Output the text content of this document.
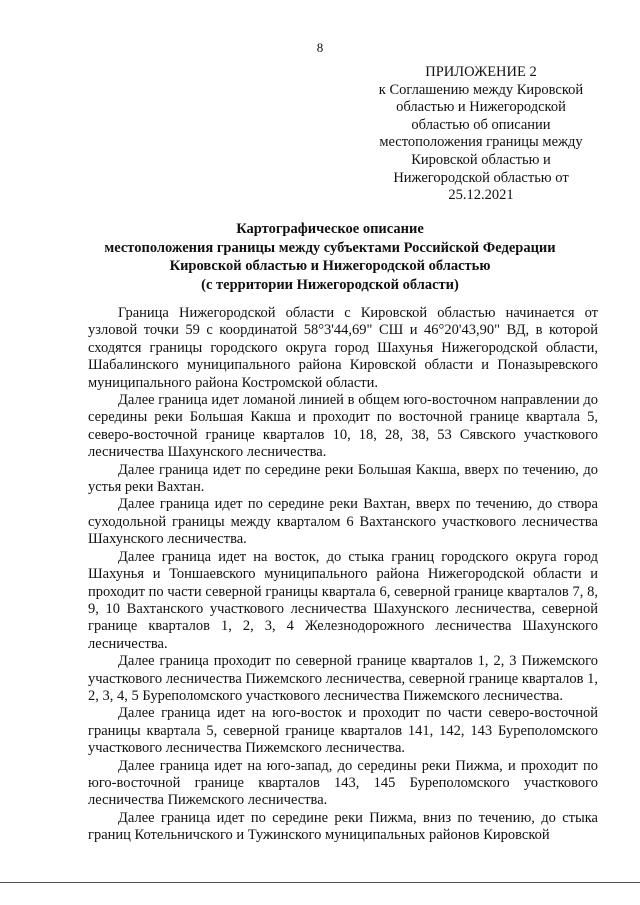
8
ПРИЛОЖЕНИЕ 2
к Соглашению между Кировской
областью и Нижегородской
областью об описании
местоположения границы между
Кировской областью и
Нижегородской областью от
25.12.2021
Картографическое описание
местоположения границы между субъектами Российской Федерации
Кировской областью и Нижегородской областью
(с территории Нижегородской области)

Граница Нижегородской области с Кировской областью начинается от узловой точки 59 с координатой 58°3'44,69" СШ и 46°20'43,90" ВД, в которой сходятся границы городского округа город Шахунья Нижегородской области, Шабалинского муниципального района Кировской области и Поназыревского муниципального района Костромской области.

Далее граница идет ломаной линией в общем юго-восточном направлении до середины реки Большая Какша и проходит по восточной границе квартала 5, северо-восточной границе кварталов 10, 18, 28, 38, 53 Сявского участкового лесничества Шахунского лесничества.

Далее граница идет по середине реки Большая Какша, вверх по течению, до устья реки Вахтан.

Далее граница идет по середине реки Вахтан, вверх по течению, до створа суходольной границы между кварталом 6 Вахтанского участкового лесничества Шахунского лесничества.

Далее граница идет на восток, до стыка границ городского округа город Шахунья и Тоншаевского муниципального района Нижегородской области и проходит по части северной границы квартала 6, северной границе кварталов 7, 8, 9, 10 Вахтанского участкового лесничества Шахунского лесничества, северной границе кварталов 1, 2, 3, 4 Железнодорожного лесничества Шахунского лесничества.

Далее граница проходит по северной границе кварталов 1, 2, 3 Пижемского участкового лесничества Пижемского лесничества, северной границе кварталов 1, 2, 3, 4, 5 Буреполомского участкового лесничества Пижемского лесничества.

Далее граница идет на юго-восток и проходит по части северо-восточной границы квартала 5, северной границе кварталов 141, 142, 143 Буреполомского участкового лесничества Пижемского лесничества.

Далее граница идет на юго-запад, до середины реки Пижма, и проходит по юго-восточной границе кварталов 143, 145 Буреполомского участкового лесничества Пижемского лесничества.

Далее граница идет по середине реки Пижма, вниз по течению, до стыка границ Котельничского и Тужинского муниципальных районов Кировской
